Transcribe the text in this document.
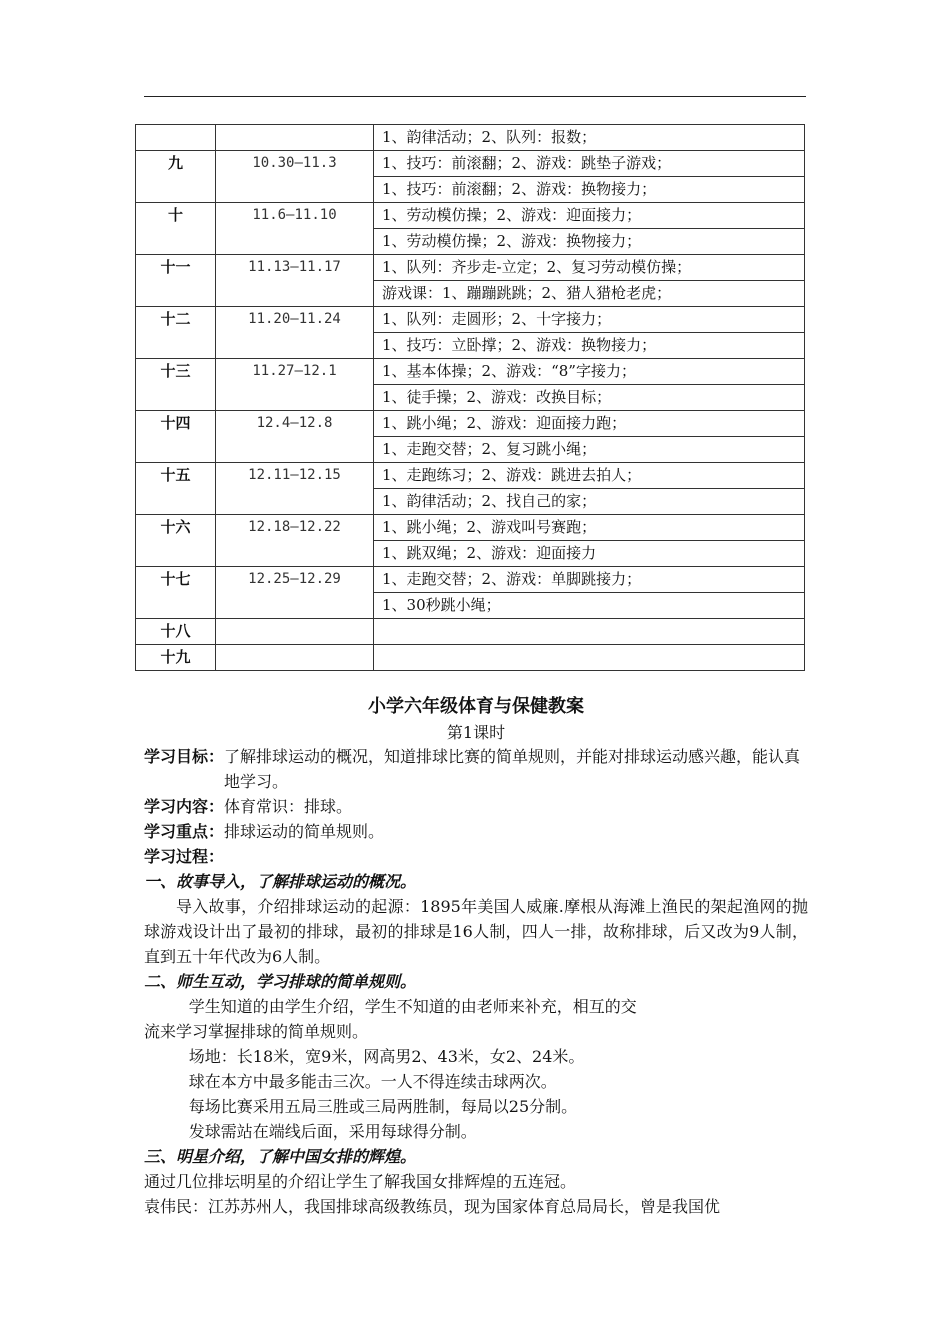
		1、韵律活动；2、队列：报数；
九	10.30—11.3	1、技巧：前滚翻；2、游戏：跳垫子游戏；
		1、技巧：前滚翻；2、游戏：换物接力；
十	11.6—11.10	1、劳动模仿操；2、游戏：迎面接力；
		1、劳动模仿操；2、游戏：换物接力；
十一	11.13—11.17	1、队列：齐步走-立定；2、复习劳动模仿操；
		游戏课：1、蹦蹦跳跳；2、猎人猎枪老虎；
十二	11.20—11.24	1、队列：走圆形；2、十字接力；
		1、技巧：立卧撑；2、游戏：换物接力；
十三	11.27—12.1	1、基本体操；2、游戏：“8”字接力；
		1、徒手操；2、游戏：改换目标；
十四	12.4—12.8	1、跳小绳；2、游戏：迎面接力跑；
		1、走跑交替；2、复习跳小绳；
十五	12.11—12.15	1、走跑练习；2、游戏：跳进去拍人；
		1、韵律活动；2、找自己的家；
十六	12.18—12.22	1、跳小绳；2、游戏叫号赛跑；
		1、跳双绳；2、游戏：迎面接力
十七	12.25—12.29	1、走跑交替；2、游戏：单脚跳接力；
		1、30秒跳小绳；
十八		
十九		
小学六年级体育与保健教案
第1课时
学习目标： 了解排球运动的概况，知道排球比赛的简单规则，并能对排球运动感兴趣，能认真地学习。
学习内容： 体育常识：排球。
学习重点： 排球运动的简单规则。
学习过程：
一、故事导入，了解排球运动的概况。
导入故事，介绍排球运动的起源：1895年美国人威廉.摩根从海滩上渔民的架起渔网的抛球游戏设计出了最初的排球，最初的排球是16人制，四人一排，故称排球，后又改为9人制，直到五十年代改为6人制。
二、师生互动，学习排球的简单规则。
学生知道的由学生介绍，学生不知道的由老师来补充，相互的交
流来学习掌握排球的简单规则。
场地：长18米，宽9米，网高男2、43米，女2、24米。
球在本方中最多能击三次。一人不得连续击球两次。
每场比赛采用五局三胜或三局两胜制，每局以25分制。
发球需站在端线后面，采用每球得分制。
三、明星介绍，了解中国女排的辉煌。
通过几位排坛明星的介绍让学生了解我国女排辉煌的五连冠。
袁伟民：江苏苏州人，我国排球高级教练员，现为国家体育总局局长，曾是我国优
